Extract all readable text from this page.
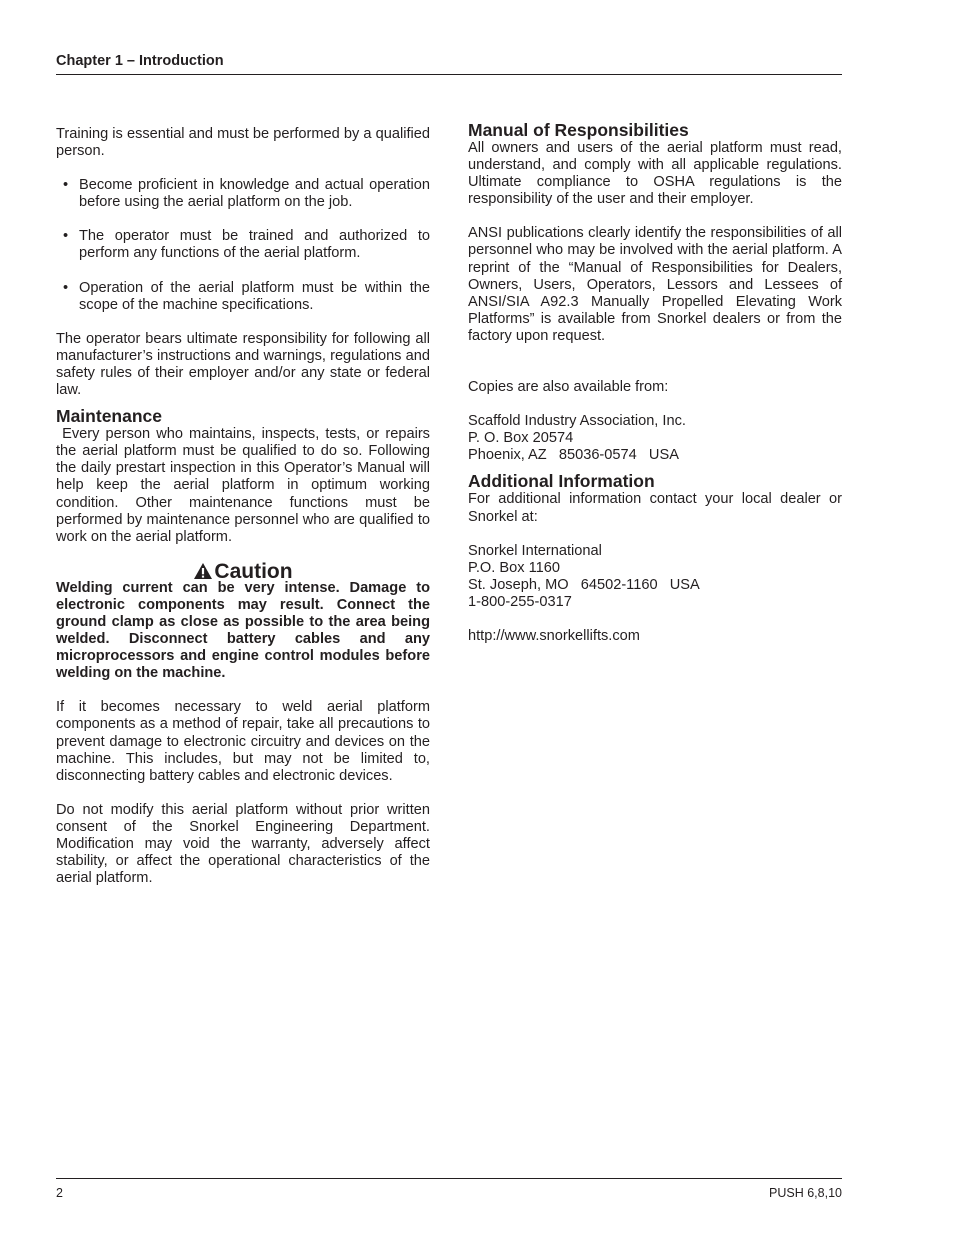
Chapter 1 – Introduction

Training is essential and must be performed by a qualified person.

• Become proficient in knowledge and actual operation before using the aerial platform on the job.
• The operator must be trained and authorized to perform any functions of the aerial platform.
• Operation of the aerial platform must be within the scope of the machine specifications.

The operator bears ultimate responsibility for following all manufacturer’s instructions and warnings, regulations and safety rules of their employer and/or any state or federal law.

Maintenance

Every person who maintains, inspects, tests, or repairs the aerial platform must be qualified to do so. Following the daily prestart inspection in this Operator’s Manual will help keep the aerial platform in optimum working condition. Other maintenance functions must be performed by maintenance personnel who are qualified to work on the aerial platform.

Caution

Welding current can be very intense. Damage to electronic components may result. Connect the ground clamp as close as possible to the area being welded. Disconnect battery cables and any microprocessors and engine control modules before welding on the machine.

If it becomes necessary to weld aerial platform components as a method of repair, take all precautions to prevent damage to electronic circuitry and devices on the machine. This includes, but may not be limited to, disconnecting battery cables and electronic devices.

Do not modify this aerial platform without prior written consent of the Snorkel Engineering Department. Modification may void the warranty, adversely affect stability, or affect the operational characteristics of the aerial platform.

Manual of Responsibilities

All owners and users of the aerial platform must read, understand, and comply with all applicable regulations. Ultimate compliance to OSHA regulations is the responsibility of the user and their employer.

ANSI publications clearly identify the responsibilities of all personnel who may be involved with the aerial platform. A reprint of the “Manual of Responsibilities for Dealers, Owners, Users, Operators, Lessors and Lessees of ANSI/SIA A92.3 Manually Propelled Elevating Work Platforms” is available from Snorkel dealers or from the factory upon request.

Copies are also available from:

Scaffold Industry Association, Inc.
P. O. Box 20574
Phoenix, AZ   85036-0574   USA
Additional Information

For additional information contact your local dealer or Snorkel at:

Snorkel International
P.O. Box 1160
St. Joseph, MO   64502-1160   USA
1-800-255-0317
http://www.snorkellifts.com
2	PUSH 6,8,10
